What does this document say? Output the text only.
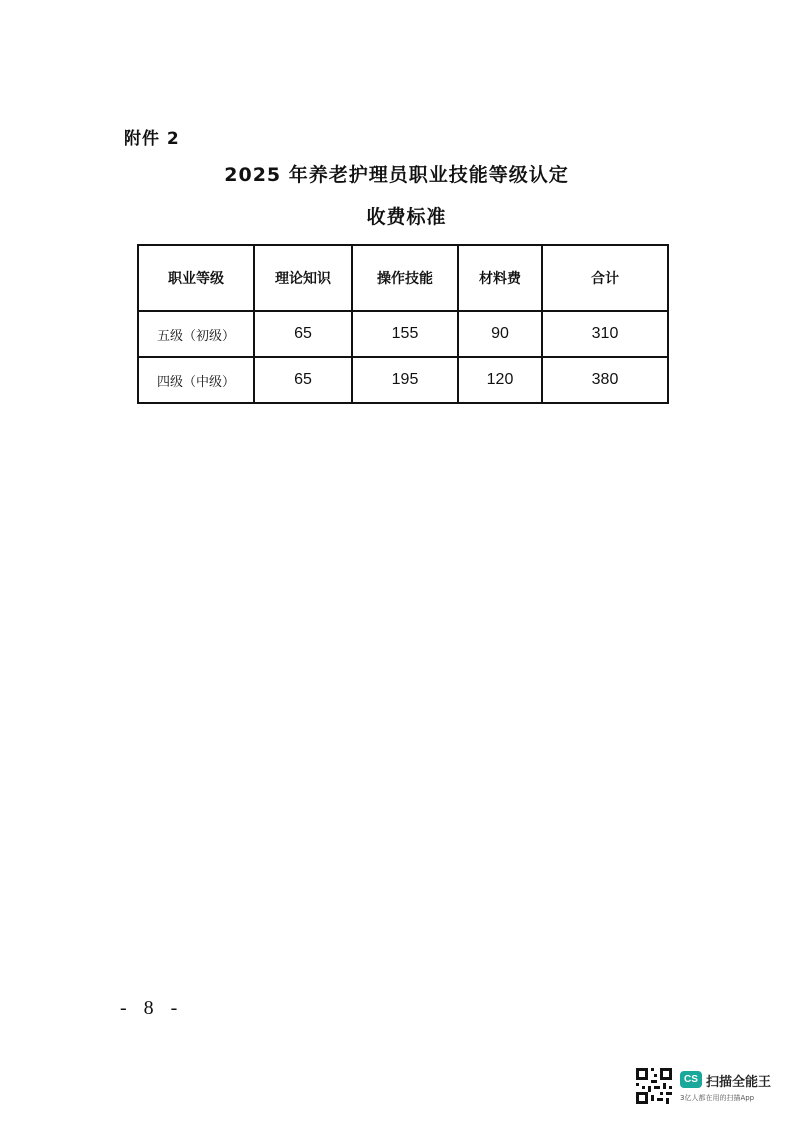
附件 2
2025 年养老护理员职业技能等级认定
收费标准
职业等级	理论知识	操作技能	材料费	合计
五级（初级）	65	155	90	310
四级（中级）	65	195	120	380
- 8 -
CS 扫描全能王
3亿人都在用的扫描App
